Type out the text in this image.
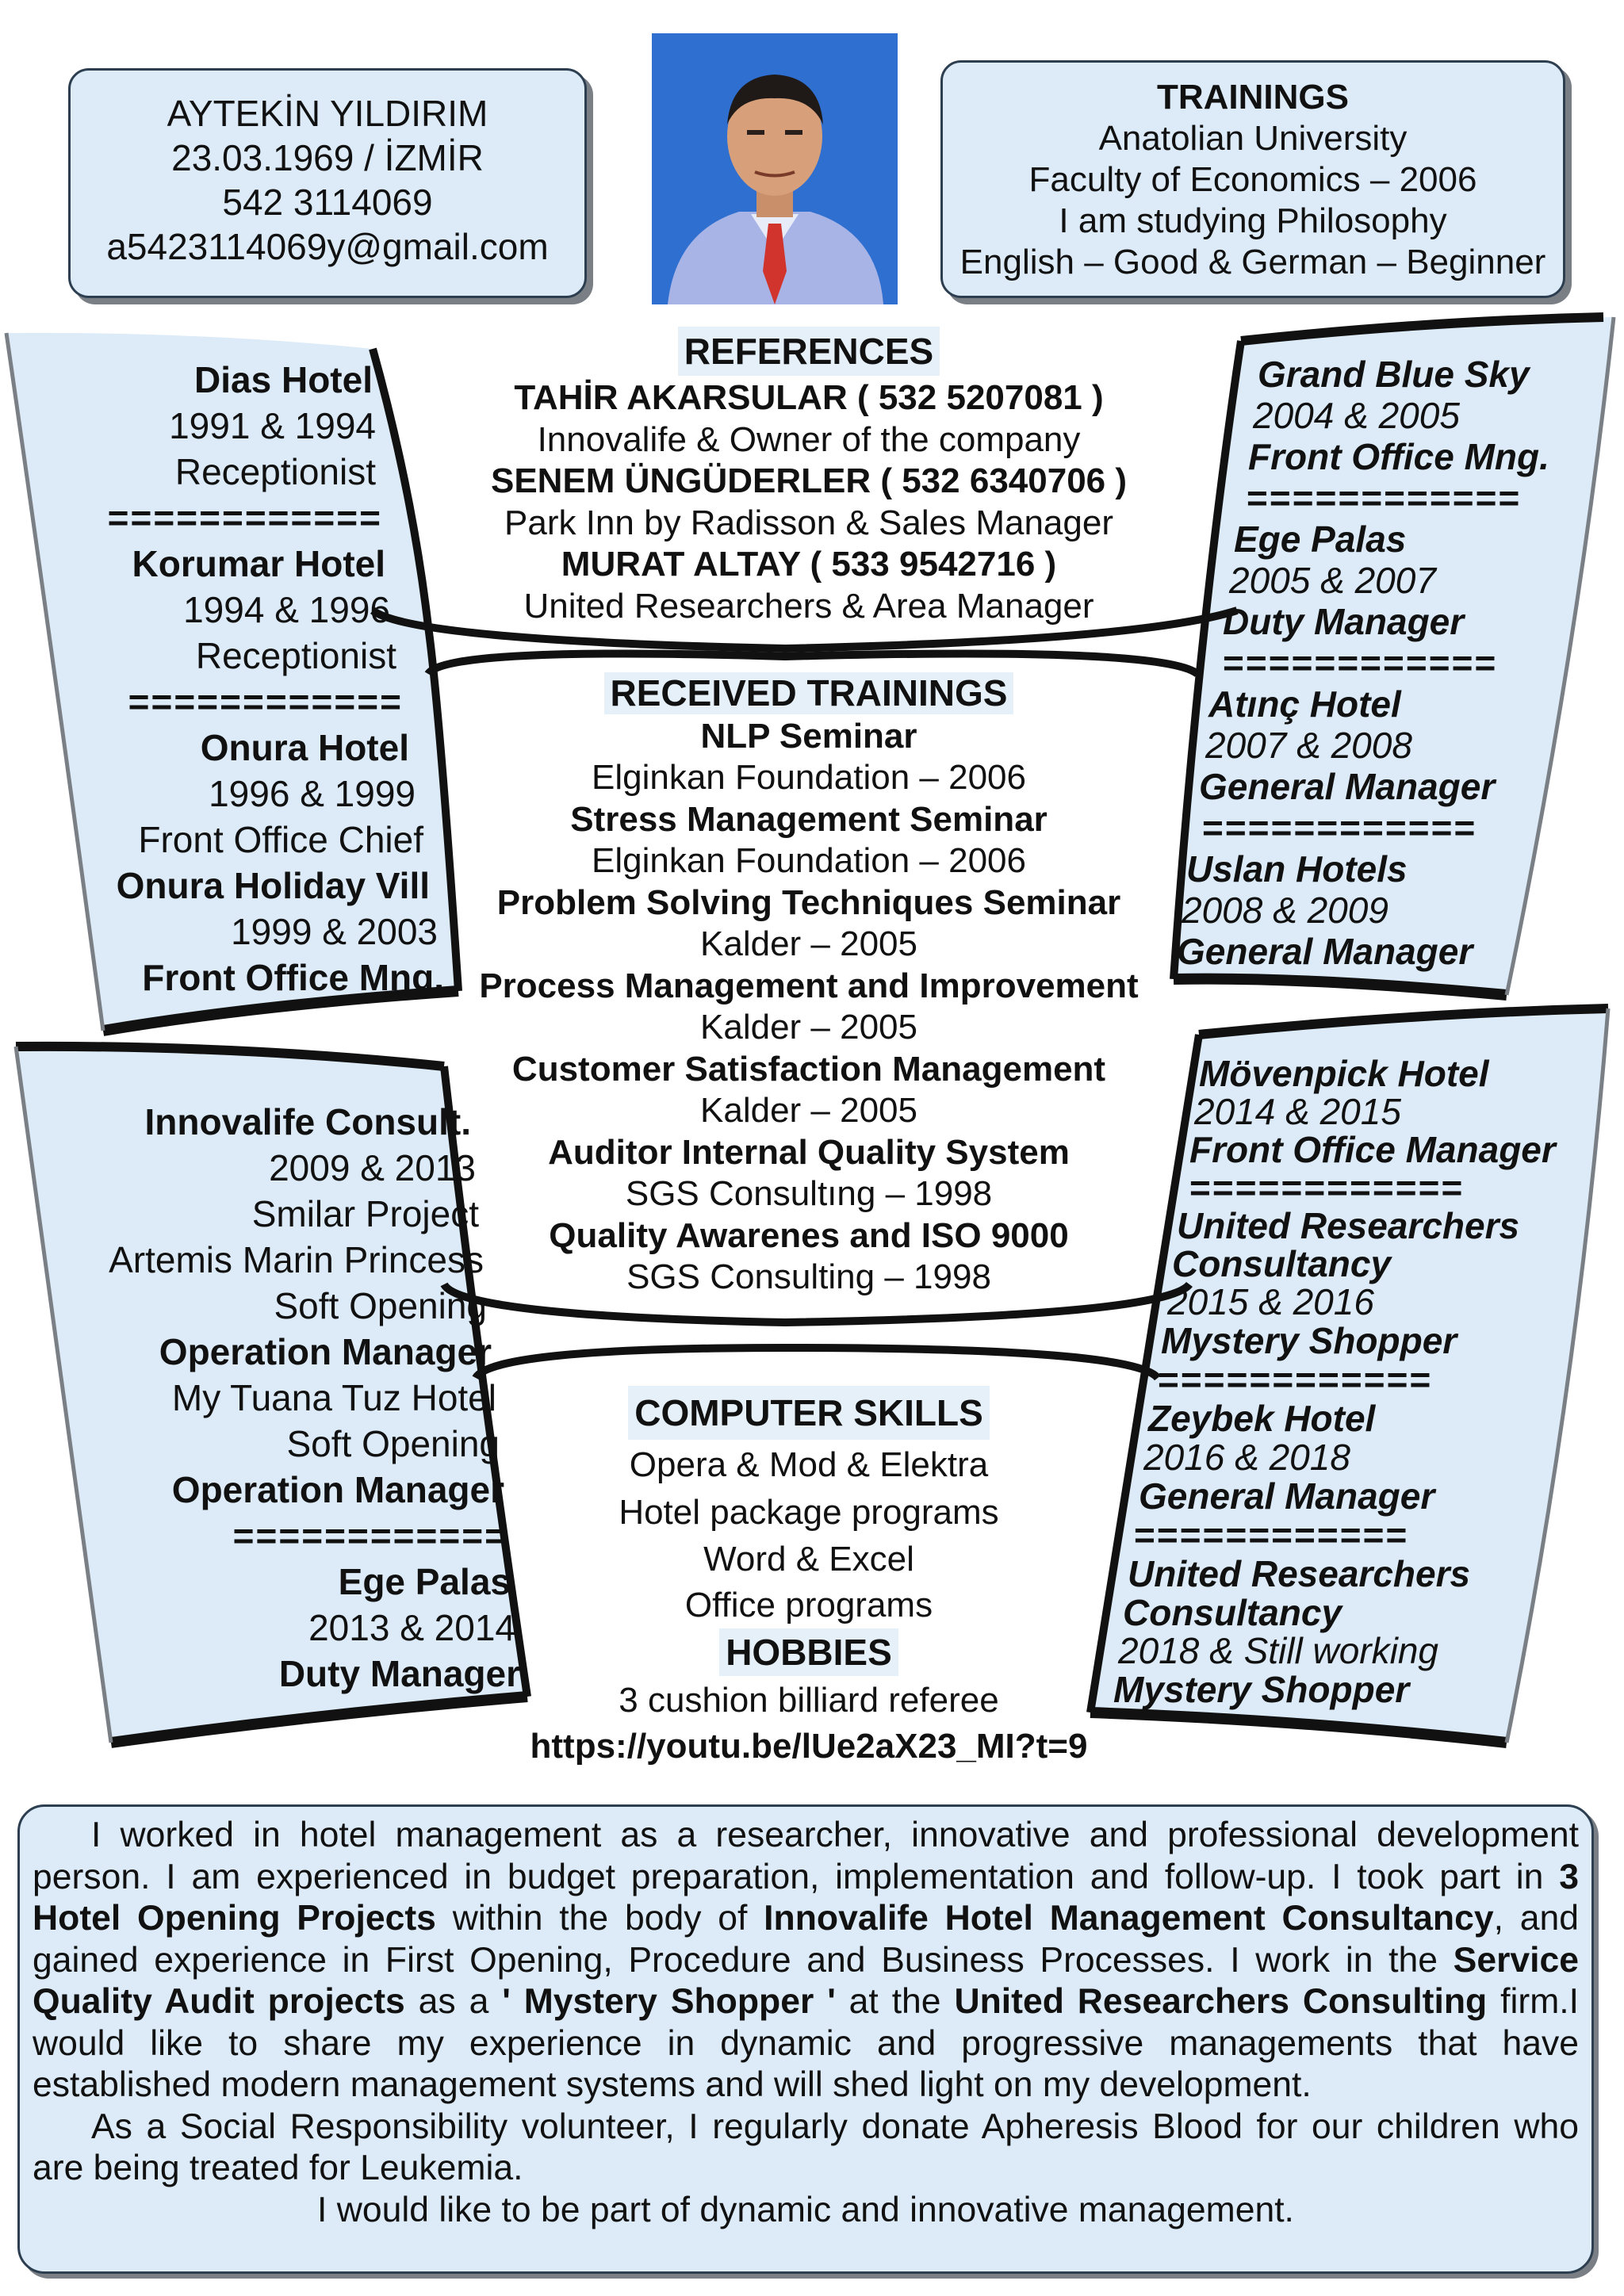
AYTEKİN YILDIRIM
23.03.1969 / İZMİR
542 3114069
a5423114069y@gmail.com
TRAININGS
Anatolian University
Faculty of Economics – 2006
I am studying Philosophy
English – Good & German – Beginner
REFERENCES
TAHİR AKARSULAR ( 532 5207081 )
Innovalife & Owner of the company
SENEM ÜNGÜDERLER ( 532 6340706 )
Park Inn by Radisson & Sales Manager
MURAT ALTAY ( 533 9542716 )
United Researchers & Area Manager
RECEIVED TRAININGS
NLP Seminar
Elginkan Foundation – 2006
Stress Management Seminar
Elginkan Foundation – 2006
Problem Solving Techniques Seminar
Kalder – 2005
Process Management and Improvement
Kalder – 2005
Customer Satisfaction Management
Kalder – 2005
Auditor Internal Quality System
SGS Consultıng – 1998
Quality Awarenes and ISO 9000
SGS Consulting – 1998
COMPUTER SKILLS
Opera & Mod & Elektra
Hotel package programs
Word & Excel
Office programs
HOBBIES
3 cushion billiard referee
https://youtu.be/lUe2aX23_MI?t=9
Dias Hotel
1991 & 1994
Receptionist
============
Korumar Hotel
1994 & 1996
Receptionist
============
Onura Hotel
1996 & 1999
Front Office Chief
Onura Holiday Vill
1999 & 2003
Front Office Mng.
Innovalife Consult.
2009 & 2013
Smilar Project
Artemis Marin Princess
Soft Opening
Operation Manager
My Tuana Tuz Hotel
Soft Opening
Operation Manager
============
Ege Palas
2013 & 2014
Duty Manager
Grand Blue Sky
2004 & 2005
Front Office Mng.
============
Ege Palas
2005 & 2007
Duty Manager
============
Atınç Hotel
2007 & 2008
General Manager
============
Uslan Hotels
2008 & 2009
General Manager
Mövenpick Hotel
2014 & 2015
Front Office Manager
============
United Researchers
Consultancy
2015 & 2016
Mystery Shopper
============
Zeybek Hotel
2016 & 2018
General Manager
============
United Researchers
Consultancy
2018 & Still working
Mystery Shopper

I worked in hotel management as a researcher, innovative and professional development person. I am experienced in budget preparation, implementation and follow-up. I took part in 3 Hotel Opening Projects within the body of Innovalife Hotel Management Consultancy, and gained experience in First Opening, Procedure and Business Processes. I work in the Service Quality Audit projects as a ' Mystery Shopper ' at the United Researchers Consulting firm.I would like to share my experience in dynamic and progressive managements that have established modern management systems and will shed light on my development.

As a Social Responsibility volunteer, I regularly donate Apheresis Blood for our children who are being treated for Leukemia.

I would like to be part of dynamic and innovative management.
